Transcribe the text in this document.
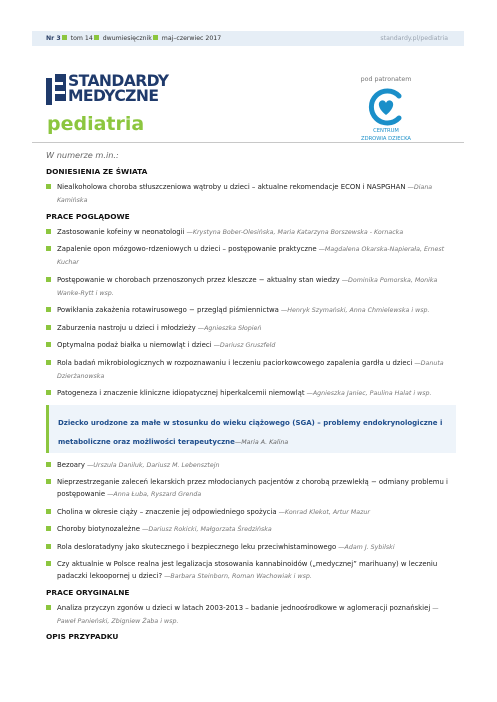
Nr 3 tom 14 dwumiesięcznik maj–czerwiec 2017	standardy.pl/pediatria
STANDARDY
MEDYCZNE
pediatria
pod patronatem
CENTRUM
ZDROWIA DZIECKA
W numerze m.in.:
DONIESIENIA ZE ŚWIATA
Niealkoholowa choroba stłuszczeniowa wątroby u dzieci – aktualne rekomendacje ECON i NASPGHAN — Diana Kamińska
PRACE POGLĄDOWE
Zastosowanie kofeiny w neonatologii — Krystyna Bober-Olesińska, Maria Katarzyna Borszewska - Kornacka
Zapalenie opon mózgowo-rdzeniowych u dzieci – postępowanie praktyczne — Magdalena Okarska-Napierała, Ernest Kuchar
Postępowanie w chorobach przenoszonych przez kleszcze − aktualny stan wiedzy — Dominika Pomorska, Monika Wanke-Rytt i wsp.
Powikłania zakażenia rotawirusowego − przegląd piśmiennictwa — Henryk Szymański, Anna Chmielewska i wsp.
Zaburzenia nastroju u dzieci i młodzieży — Agnieszka Słopień
Optymalna podaż białka u niemowląt i dzieci — Dariusz Gruszfeld
Rola badań mikrobiologicznych w rozpoznawaniu i leczeniu paciorkowcowego zapalenia gardła u dzieci — Danuta Dzierżanowska
Patogeneza i znaczenie kliniczne idiopatycznej hiperkalcemii niemowląt — Agnieszka Janiec, Paulina Halat i wsp.
Dziecko urodzone za małe w stosunku do wieku ciążowego (SGA) – problemy endokrynologiczne i metaboliczne oraz możliwości terapeutyczne — Maria A. Kalina
Bezoary — Urszula Daniluk, Dariusz M. Lebensztejn
Nieprzestrzeganie zaleceń lekarskich przez młodocianych pacjentów z chorobą przewlekłą − odmiany problemu i postępowanie — Anna Łuba, Ryszard Grenda
Cholina w okresie ciąży – znaczenie jej odpowiedniego spożycia — Konrad Klekot, Artur Mazur
Choroby biotynozależne — Dariusz Rokicki, Małgorzata Średzińska
Rola desloratadyny jako skutecznego i bezpiecznego leku przeciwhistaminowego — Adam J. Sybilski
Czy aktualnie w Polsce realna jest legalizacja stosowania kannabinoidów („medycznej” marihuany) w leczeniu padaczki lekoopornej u dzieci? — Barbara Steinborn, Roman Wachowiak i wsp.
PRACE ORYGINALNE
Analiza przyczyn zgonów u dzieci w latach 2003-2013 – badanie jednoośrodkowe w aglomeracji poznańskiej — Paweł Panieński, Zbigniew Żaba i wsp.
OPIS PRZYPADKU
